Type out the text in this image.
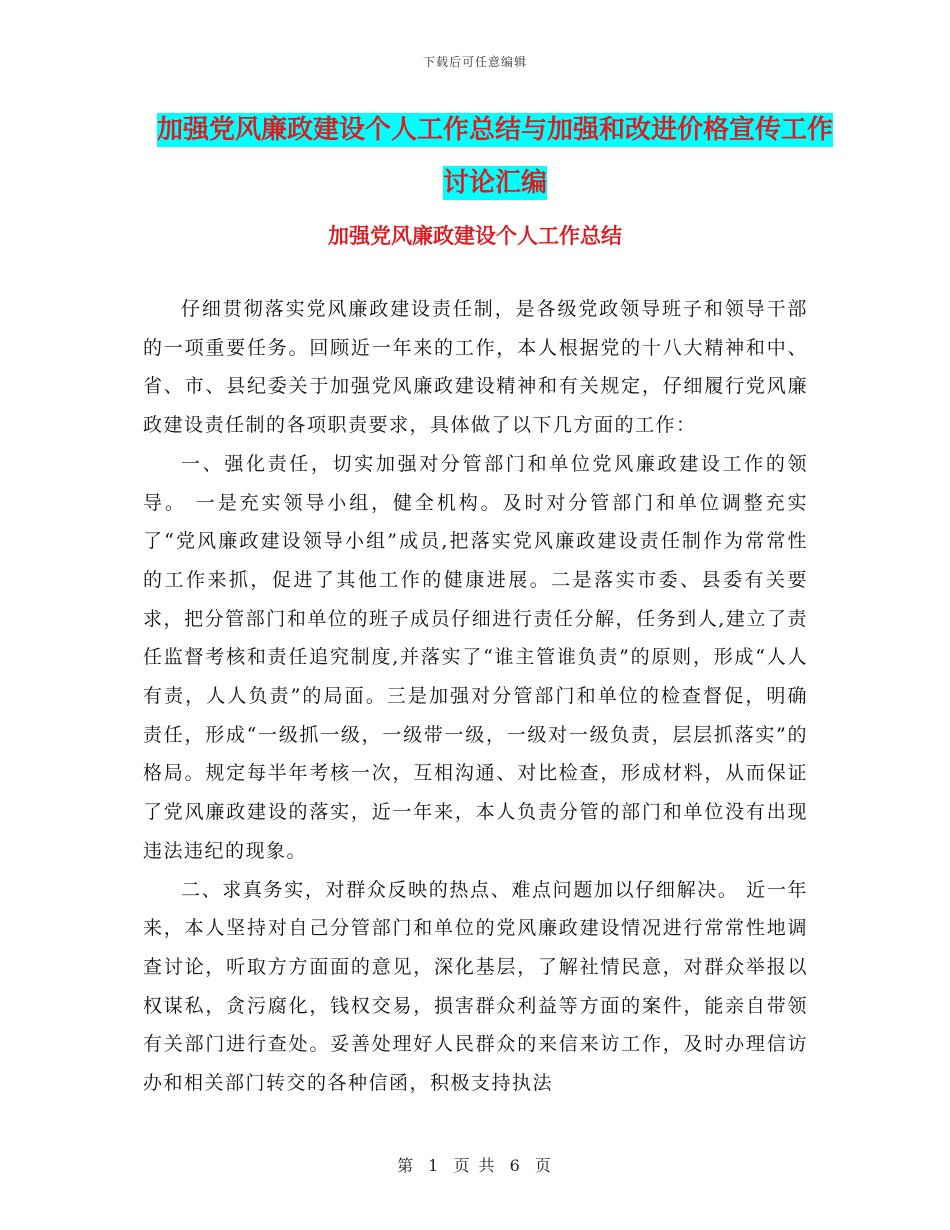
下载后可任意编辑
加强党风廉政建设个人工作总结与加强和改进价格宣传工作讨论汇编
加强党风廉政建设个人工作总结

仔细贯彻落实党风廉政建设责任制，是各级党政领导班子和领导干部的一项重要任务。回顾近一年来的工作，本人根据党的十八大精神和中、省、市、县纪委关于加强党风廉政建设精神和有关规定，仔细履行党风廉政建设责任制的各项职责要求，具体做了以下几方面的工作：

一、强化责任，切实加强对分管部门和单位党风廉政建设工作的领导。 一是充实领导小组，健全机构。及时对分管部门和单位调整充实了“党风廉政建设领导小组”成员,把落实党风廉政建设责任制作为常常性的工作来抓，促进了其他工作的健康进展。二是落实市委、县委有关要求，把分管部门和单位的班子成员仔细进行责任分解，任务到人,建立了责任监督考核和责任追究制度,并落实了“谁主管谁负责”的原则，形成“人人有责，人人负责”的局面。三是加强对分管部门和单位的检查督促，明确责任，形成“一级抓一级，一级带一级，一级对一级负责，层层抓落实”的格局。规定每半年考核一次，互相沟通、对比检查，形成材料，从而保证了党风廉政建设的落实，近一年来，本人负责分管的部门和单位没有出现违法违纪的现象。

二、求真务实，对群众反映的热点、难点问题加以仔细解决。 近一年来，本人坚持对自己分管部门和单位的党风廉政建设情况进行常常性地调查讨论，听取方方面面的意见，深化基层，了解社情民意，对群众举报以权谋私，贪污腐化，钱权交易，损害群众利益等方面的案件，能亲自带领有关部门进行查处。妥善处理好人民群众的来信来访工作，及时办理信访办和相关部门转交的各种信函，积极支持执法

第 1 页 共 6 页
